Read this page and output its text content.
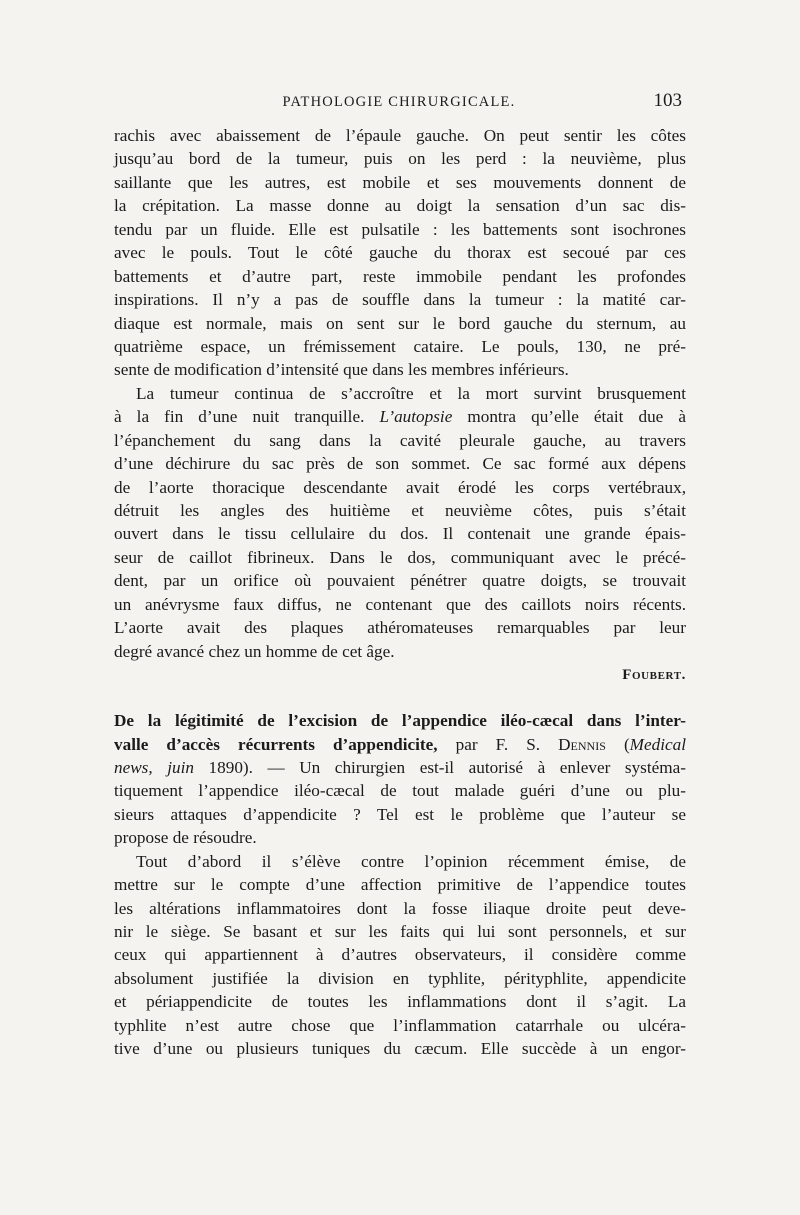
PATHOLOGIE CHIRURGICALE.	103
rachis avec abaissement de l’épaule gauche. On peut sentir les côtes
jusqu’au bord de la tumeur, puis on les perd : la neuvième, plus
saillante que les autres, est mobile et ses mouvements donnent de
la crépitation. La masse donne au doigt la sensation d’un sac dis-
tendu par un fluide. Elle est pulsatile : les battements sont isochrones
avec le pouls. Tout le côté gauche du thorax est secoué par ces
battements et d’autre part, reste immobile pendant les profondes
inspirations. Il n’y a pas de souffle dans la tumeur : la matité car-
diaque est normale, mais on sent sur le bord gauche du sternum, au
quatrième espace, un frémissement cataire. Le pouls, 130, ne pré-
sente de modification d’intensité que dans les membres inférieurs.
La tumeur continua de s’accroître et la mort survint brusquement
à la fin d’une nuit tranquille. L’autopsie montra qu’elle était due à
l’épanchement du sang dans la cavité pleurale gauche, au travers
d’une déchirure du sac près de son sommet. Ce sac formé aux dépens
de l’aorte thoracique descendante avait érodé les corps vertébraux,
détruit les angles des huitième et neuvième côtes, puis s’était
ouvert dans le tissu cellulaire du dos. Il contenait une grande épais-
seur de caillot fibrineux. Dans le dos, communiquant avec le précé-
dent, par un orifice où pouvaient pénétrer quatre doigts, se trouvait
un anévrysme faux diffus, ne contenant que des caillots noirs récents.
L’aorte avait des plaques athéromateuses remarquables par leur
degré avancé chez un homme de cet âge.
Foubert.
De la légitimité de l’excision de l’appendice iléo-cæcal dans l’inter-
valle d’accès récurrents d’appendicite, par F. S. Dennis (Medical
news, juin 1890). — Un chirurgien est-il autorisé à enlever systéma-
tiquement l’appendice iléo-cæcal de tout malade guéri d’une ou plu-
sieurs attaques d’appendicite ? Tel est le problème que l’auteur se
propose de résoudre.
Tout d’abord il s’élève contre l’opinion récemment émise, de
mettre sur le compte d’une affection primitive de l’appendice toutes
les altérations inflammatoires dont la fosse iliaque droite peut deve-
nir le siège. Se basant et sur les faits qui lui sont personnels, et sur
ceux qui appartiennent à d’autres observateurs, il considère comme
absolument justifiée la division en typhlite, pérityphlite, appendicite
et périappendicite de toutes les inflammations dont il s’agit. La
typhlite n’est autre chose que l’inflammation catarrhale ou ulcéra-
tive d’une ou plusieurs tuniques du cæcum. Elle succède à un engor-
